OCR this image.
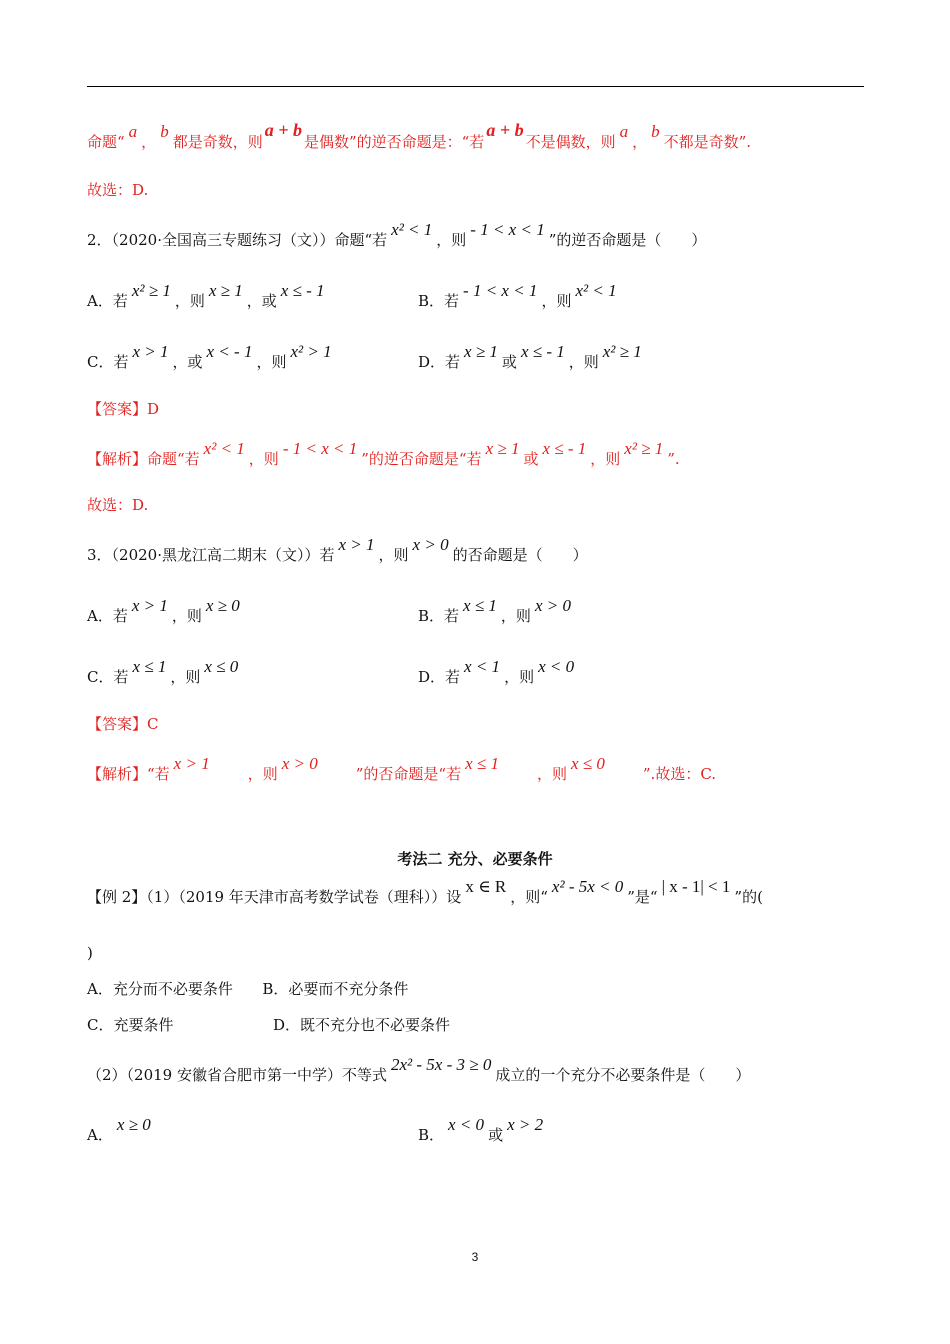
命题“a，b都是奇数，则a + b是偶数”的逆否命题是：“若a + b不是偶数，则a，b不都是奇数”.
故选：D.
2．（2020·全国高三专题练习（文））命题“若x² < 1，则- 1 < x < 1”的逆否命题是（　　）
A．若x² ≥ 1，则x ≥ 1，或x ≤ - 1
B．若- 1 < x < 1，则x² < 1
C．若x > 1，或x < - 1，则x² > 1
D．若x ≥ 1或x ≤ - 1，则x² ≥ 1
【答案】D
【解析】命题“若x² < 1，则- 1 < x < 1”的逆否命题是“若x ≥ 1或x ≤ - 1，则x² ≥ 1”.
故选：D.
3．（2020·黑龙江高二期末（文））若x > 1，则x > 0的否命题是（　　）
A．若x > 1，则x ≥ 0
B．若x ≤ 1，则x > 0
C．若x ≤ 1，则x ≤ 0
D．若x < 1，则x < 0
【答案】C
【解析】“若x > 1，则x > 0”的否命题是“若x ≤ 1，则x ≤ 0”.故选：C.
考法二 充分、必要条件
【例 2】（1）（2019 年天津市高考数学试卷（理科））设x ∈ R，则“x² - 5x < 0”是“| x - 1| < 1”的(
)
A．充分而不必要条件 B．必要而不充分条件
C．充要条件	D．既不充分也不必要条件
（2）（2019 安徽省合肥市第一中学）不等式2x² - 5x - 3 ≥ 0成立的一个充分不必要条件是（　　）
A．x ≥ 0
B．x < 0或x > 2
3
